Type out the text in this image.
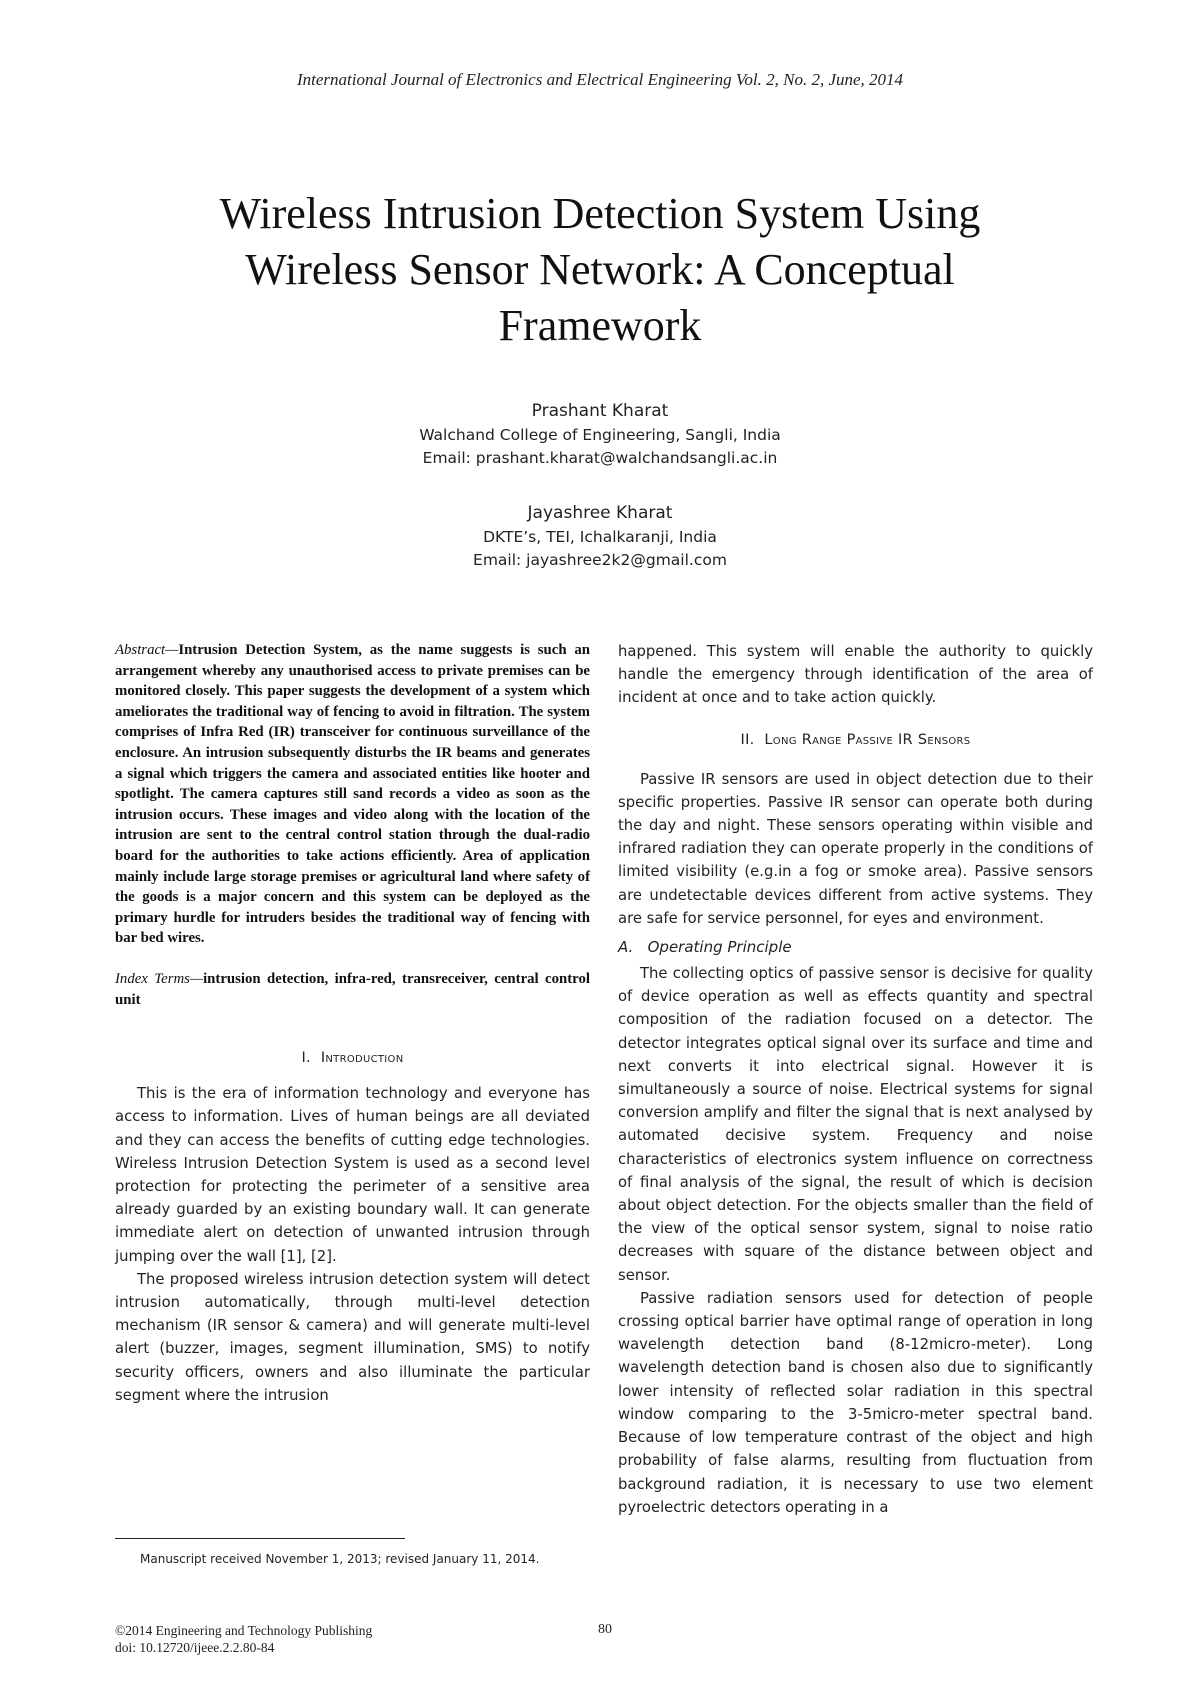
International Journal of Electronics and Electrical Engineering Vol. 2, No. 2, June, 2014
Wireless Intrusion Detection System Using Wireless Sensor Network: A Conceptual Framework
Prashant Kharat
Walchand College of Engineering, Sangli, India
Email: prashant.kharat@walchandsangli.ac.in
Jayashree Kharat
DKTE’s, TEI, Ichalkaranji, India
Email: jayashree2k2@gmail.com

Abstract—Intrusion Detection System, as the name suggests is such an arrangement whereby any unauthorised access to private premises can be monitored closely. This paper suggests the development of a system which ameliorates the traditional way of fencing to avoid in filtration. The system comprises of Infra Red (IR) transceiver for continuous surveillance of the enclosure. An intrusion subsequently disturbs the IR beams and generates a signal which triggers the camera and associated entities like hooter and spotlight. The camera captures still sand records a video as soon as the intrusion occurs. These images and video along with the location of the intrusion are sent to the central control station through the dual-radio board for the authorities to take actions efficiently. Area of application mainly include large storage premises or agricultural land where safety of the goods is a major concern and this system can be deployed as the primary hurdle for intruders besides the traditional way of fencing with bar bed wires.

Index Terms—intrusion detection, infra-red, transreceiver, central control unit

I. Introduction

This is the era of information technology and everyone has access to information. Lives of human beings are all deviated and they can access the benefits of cutting edge technologies. Wireless Intrusion Detection System is used as a second level protection for protecting the perimeter of a sensitive area already guarded by an existing boundary wall. It can generate immediate alert on detection of unwanted intrusion through jumping over the wall [1], [2].

The proposed wireless intrusion detection system will detect intrusion automatically, through multi-level detection mechanism (IR sensor & camera) and will generate multi-level alert (buzzer, images, segment illumination, SMS) to notify security officers, owners and also illuminate the particular segment where the intrusion

happened. This system will enable the authority to quickly handle the emergency through identification of the area of incident at once and to take action quickly.

II. Long Range Passive IR Sensors

Passive IR sensors are used in object detection due to their specific properties. Passive IR sensor can operate both during the day and night. These sensors operating within visible and infrared radiation they can operate properly in the conditions of limited visibility (e.g.in a fog or smoke area). Passive sensors are undetectable devices different from active systems. They are safe for service personnel, for eyes and environment.

A. Operating Principle

The collecting optics of passive sensor is decisive for quality of device operation as well as effects quantity and spectral composition of the radiation focused on a detector. The detector integrates optical signal over its surface and time and next converts it into electrical signal. However it is simultaneously a source of noise. Electrical systems for signal conversion amplify and filter the signal that is next analysed by automated decisive system. Frequency and noise characteristics of electronics system influence on correctness of final analysis of the signal, the result of which is decision about object detection. For the objects smaller than the field of the view of the optical sensor system, signal to noise ratio decreases with square of the distance between object and sensor.

Passive radiation sensors used for detection of people crossing optical barrier have optimal range of operation in long wavelength detection band (8-12micro-meter). Long wavelength detection band is chosen also due to significantly lower intensity of reflected solar radiation in this spectral window comparing to the 3-5micro-meter spectral band. Because of low temperature contrast of the object and high probability of false alarms, resulting from fluctuation from background radiation, it is necessary to use two element pyroelectric detectors operating in a

Manuscript received November 1, 2013; revised January 11, 2014.
©2014 Engineering and Technology Publishing
doi: 10.12720/ijeee.2.2.80-84
80
